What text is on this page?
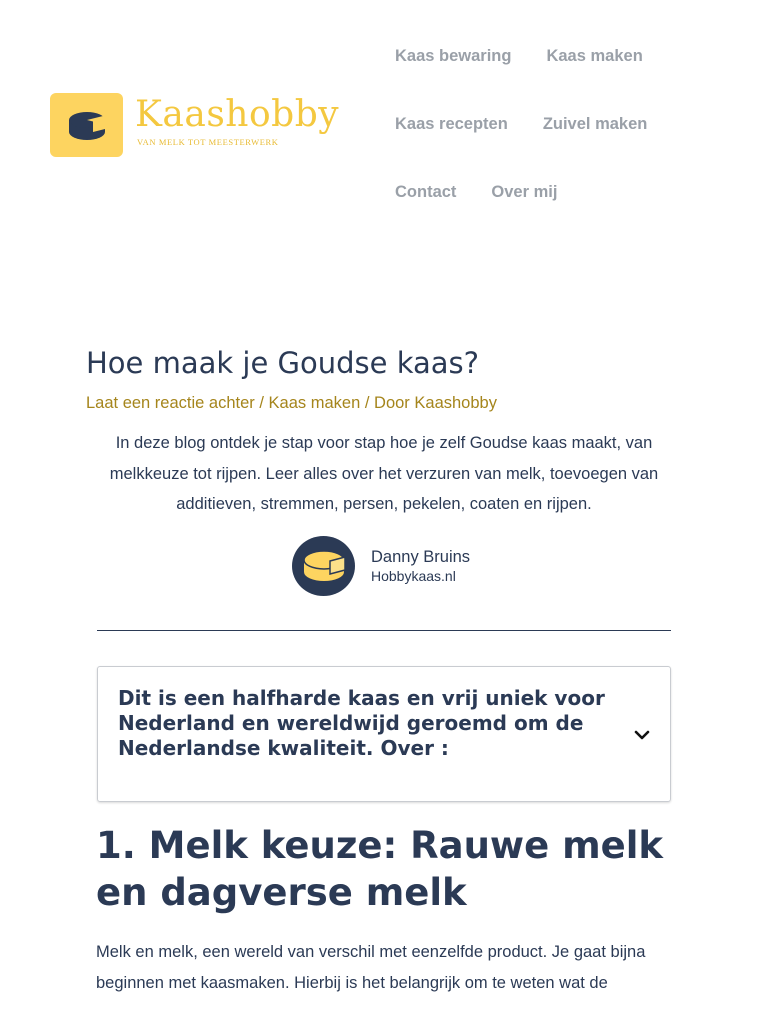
Kaashobby
VAN MELK TOT MEESTERWERK
Kaas bewaring Kaas maken
Kaas recepten Zuivel maken
Contact Over mij
Hoe maak je Goudse kaas?
Laat een reactie achter / Kaas maken / Door Kaashobby

In deze blog ontdek je stap voor stap hoe je zelf Goudse kaas maakt, van melkkeuze tot rijpen. Leer alles over het verzuren van melk, toevoegen van additieven, stremmen, persen, pekelen, coaten en rijpen.

Danny Bruins
Hobbykaas.nl
Dit is een halfharde kaas en vrij uniek voor Nederland en wereldwijd geroemd om de Nederlandse kwaliteit. Over :
1. Melk keuze: Rauwe melk en dagverse melk

Melk en melk, een wereld van verschil met eenzelfde product. Je gaat bijna beginnen met kaasmaken. Hierbij is het belangrijk om te weten wat de
